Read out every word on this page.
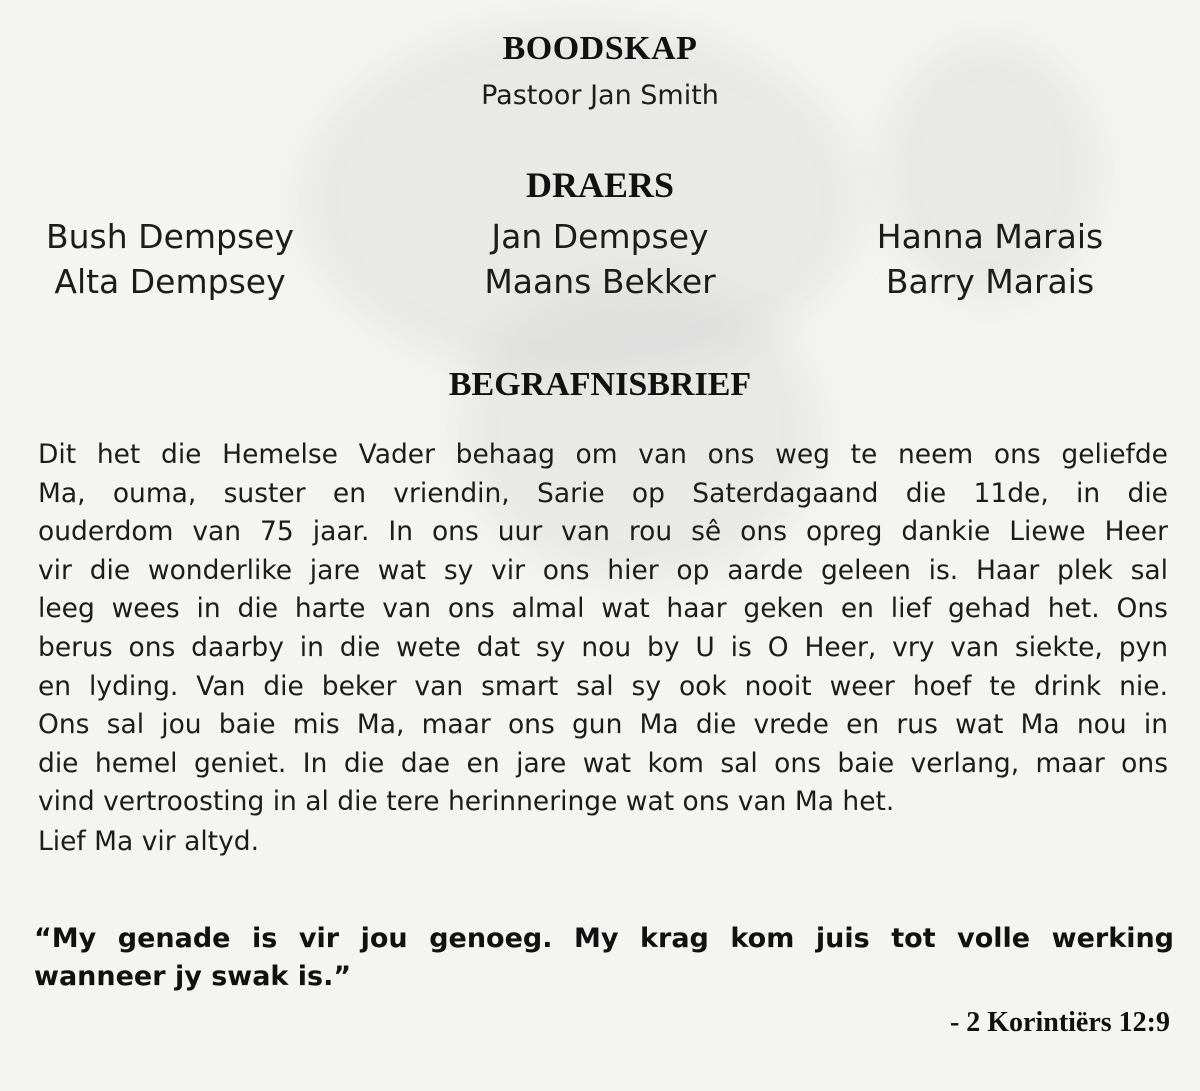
BOODSKAP
Pastoor Jan Smith
DRAERS
Bush Dempsey
Alta Dempsey
Jan Dempsey
Maans Bekker
Hanna Marais
Barry Marais
BEGRAFNISBRIEF
Dit het die Hemelse Vader behaag om van ons weg te neem ons geliefde
Ma, ouma, suster en vriendin, Sarie op Saterdagaand die 11de, in die
ouderdom van 75 jaar. In ons uur van rou sê ons opreg dankie Liewe Heer
vir die wonderlike jare wat sy vir ons hier op aarde geleen is. Haar plek sal
leeg wees in die harte van ons almal wat haar geken en lief gehad het. Ons
berus ons daarby in die wete dat sy nou by U is O Heer, vry van siekte, pyn
en lyding. Van die beker van smart sal sy ook nooit weer hoef te drink nie.
Ons sal jou baie mis Ma, maar ons gun Ma die vrede en rus wat Ma nou in
die hemel geniet. In die dae en jare wat kom sal ons baie verlang, maar ons
vind vertroosting in al die tere herinneringe wat ons van Ma het.
Lief Ma vir altyd.
“My genade is vir jou genoeg. My krag kom juis tot volle werking
wanneer jy swak is.”
- 2 Korintiërs 12:9
